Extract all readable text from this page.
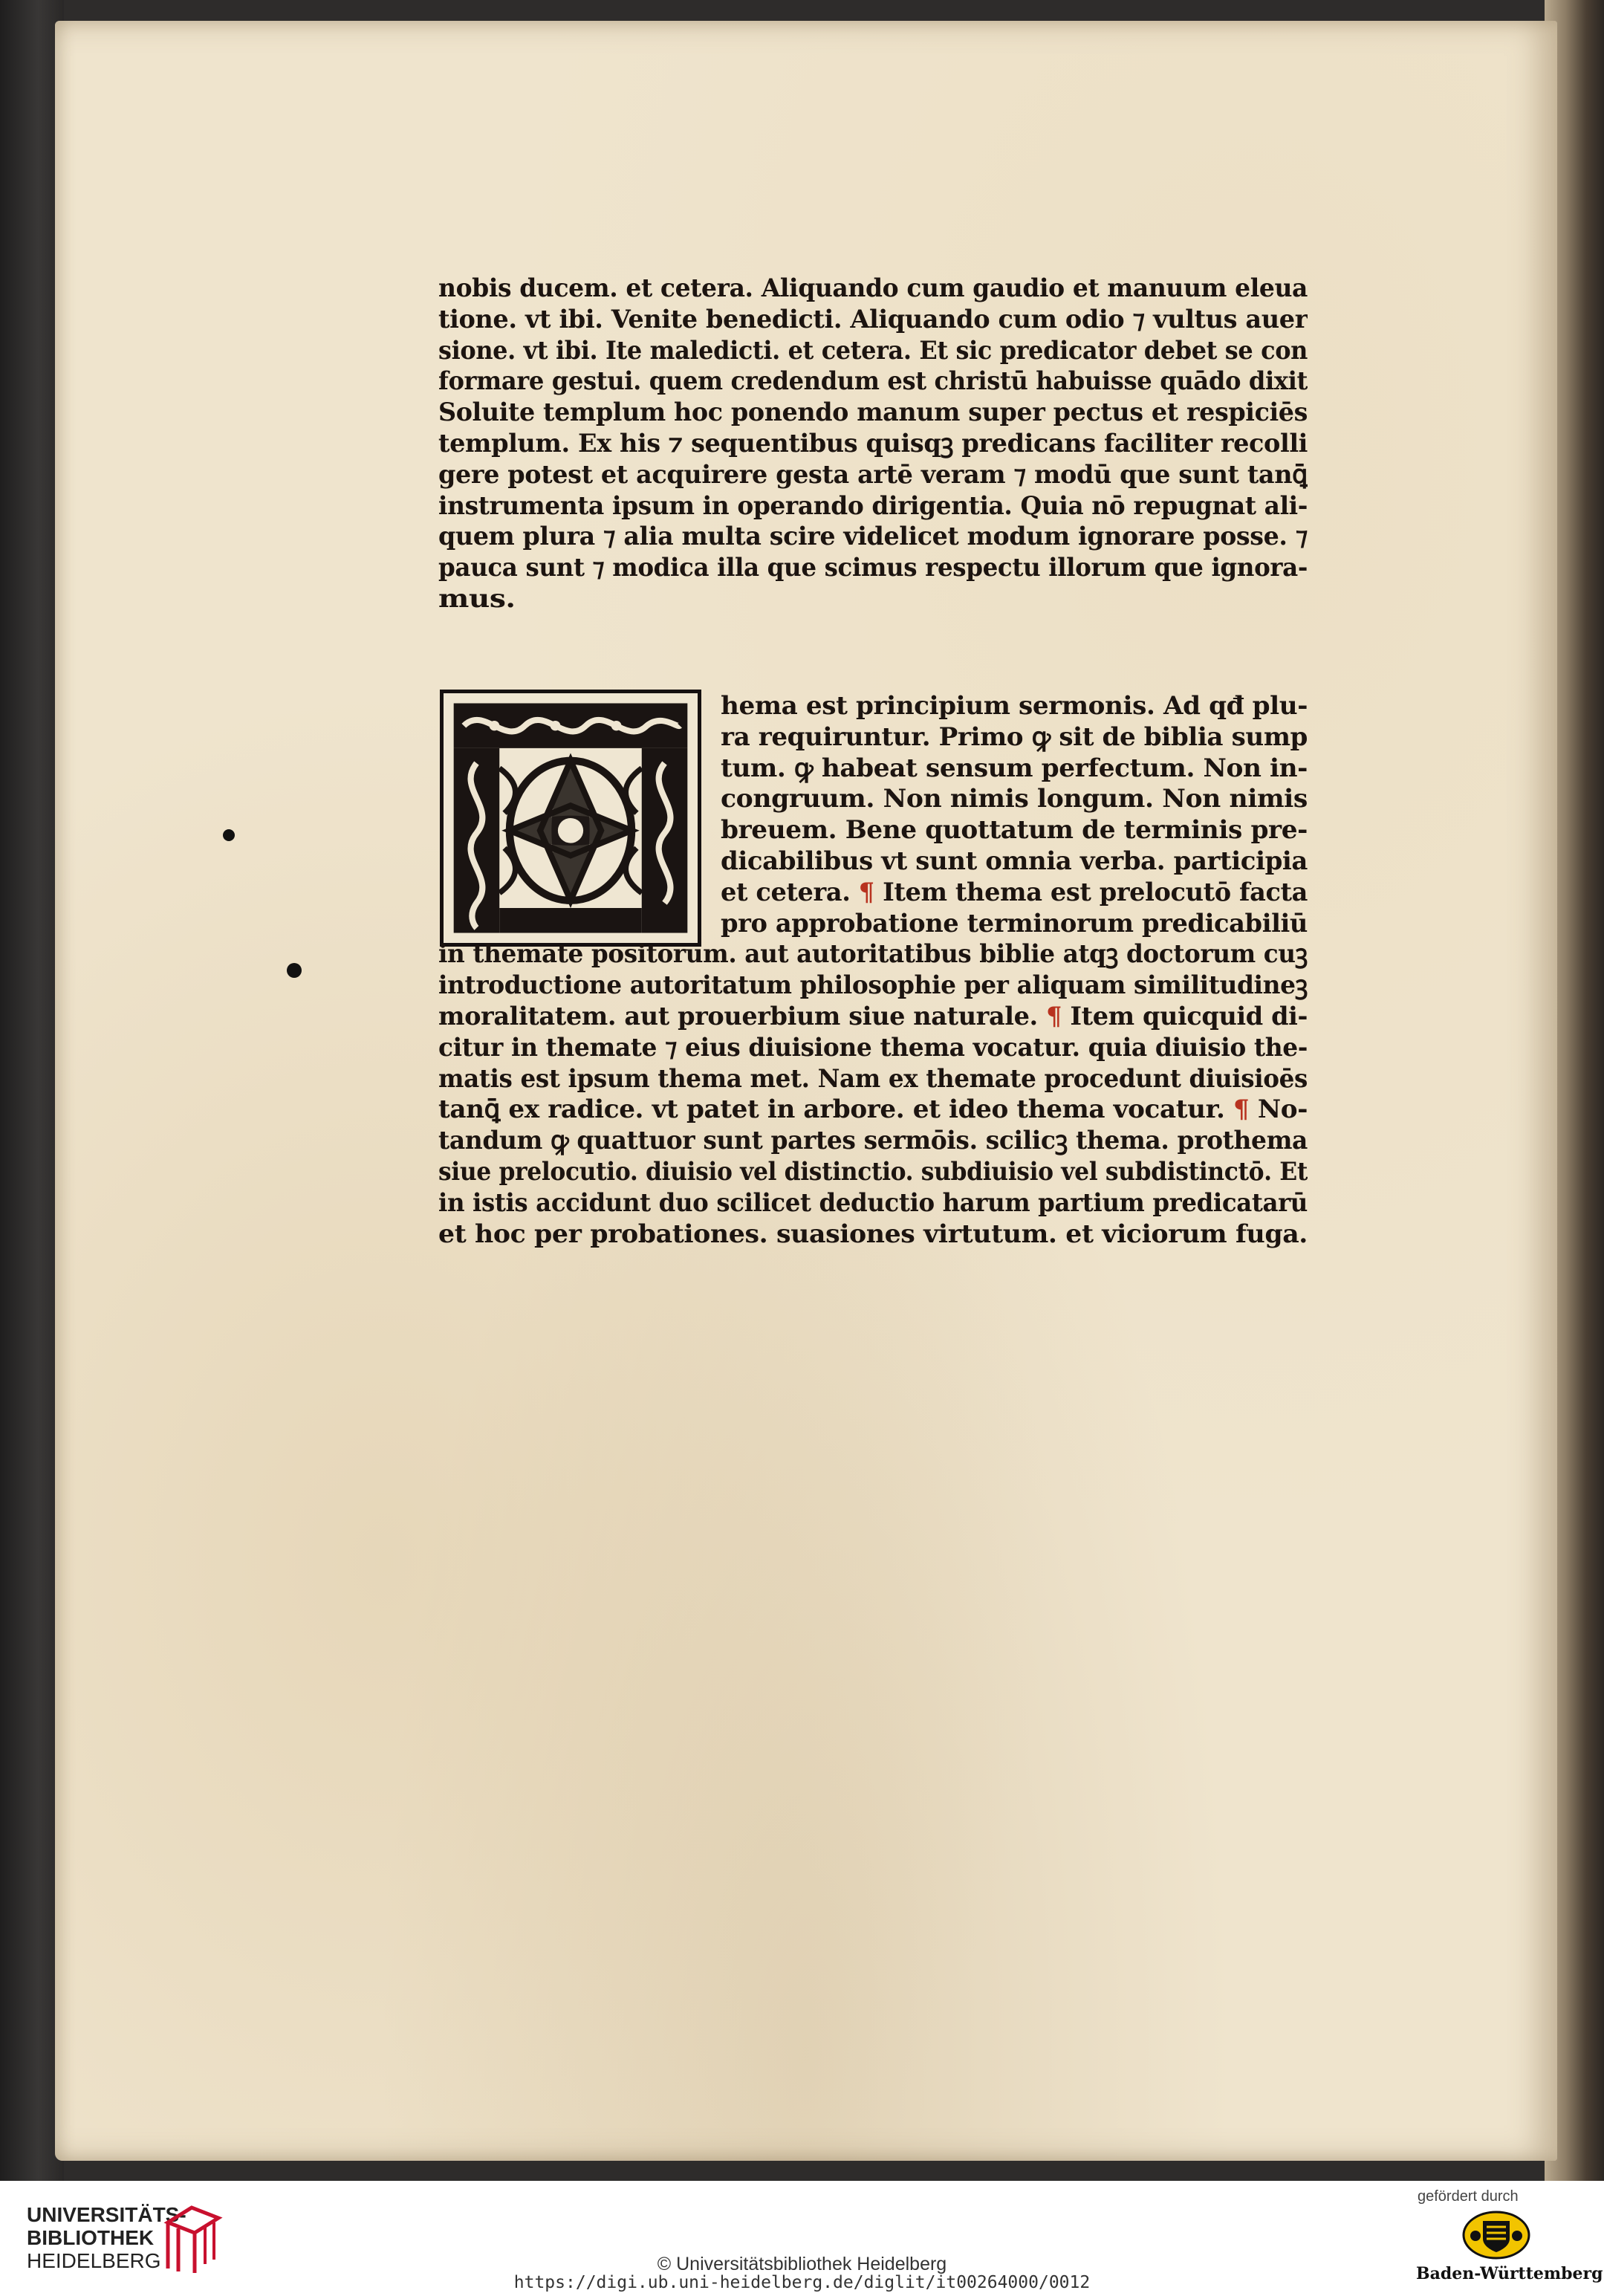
nobis ducem. et cetera. Aliquando cum gaudio et manuum eleua
tione. vt ibi. Venite benedicti. Aliquando cum odio ⁊ vultus auer
sione. vt ibi. Ite maledicti. et cetera. Et sic predicator debet se con
formare gestui. quem credendum est christū habuisse quādo dixit
Soluite templum hoc ponendo manum super pectus et respiciēs
templum. Ex his ⁊ sequentibus quisqꝫ predicans faciliter recolli
gere potest et acquirere gesta artē veram ⁊ modū que sunt tanꝗ̄
instrumenta ipsum in operando dirigentia. Quia nō repugnat ali-
quem plura ⁊ alia multa scire videlicet modum ignorare posse. ⁊
pauca sunt ⁊ modica illa que scimus respectu illorum que ignora-
mus.
hema est principium sermonis. Ad qđ plu-
ra requiruntur. Primo ꝙ sit de biblia sump
tum. ꝙ habeat sensum perfectum. Non in-
congruum. Non nimis longum. Non nimis
breuem. Bene quottatum de terminis pre-
dicabilibus vt sunt omnia verba. participia
et cetera. ¶ Item thema est prelocutō facta
pro approbatione terminorum predicabiliū
in themate positorum. aut autoritatibus biblie atqꝫ doctorum cuꝫ
introductione autoritatum philosophie per aliquam similitudineꝫ
moralitatem. aut prouerbium siue naturale. ¶ Item quicquid di-
citur in themate ⁊ eius diuisione thema vocatur. quia diuisio the-
matis est ipsum thema met. Nam ex themate procedunt diuisioēs
tanꝗ̄ ex radice. vt patet in arbore. et ideo thema vocatur. ¶ No-
tandum ꝙ quattuor sunt partes sermōis. scilicꝫ thema. prothema
siue prelocutio. diuisio vel distinctio. subdiuisio vel subdistinctō. Et
in istis accidunt duo scilicet deductio harum partium predicatarū
et hoc per probationes. suasiones virtutum. et viciorum fuga.
UNIVERSITÄTS-
BIBLIOTHEK
HEIDELBERG	© Universitätsbibliothek Heidelberg
https://digi.ub.uni-heidelberg.de/diglit/it00264000/0012
gefördert durch
Baden-Württemberg
